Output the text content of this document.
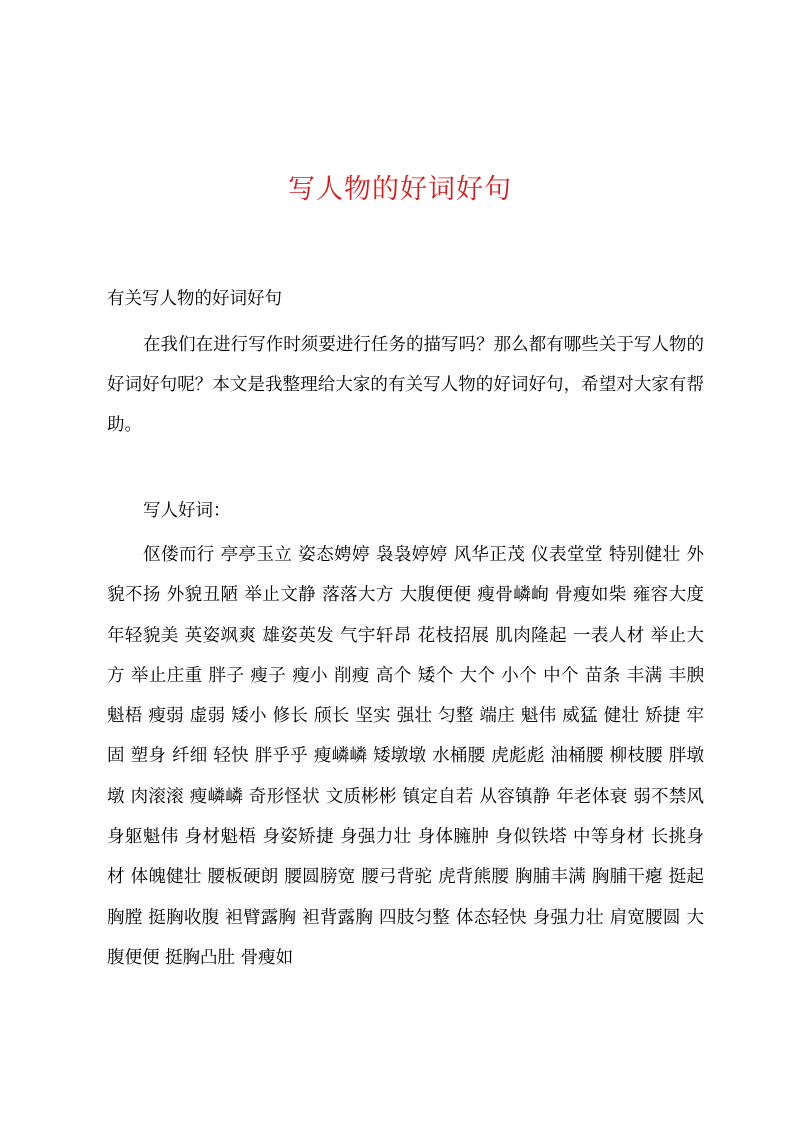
写人物的好词好句
有关写人物的好词好句
在我们在进行写作时须要进行任务的描写吗？那么都有哪些关于写人物的好词好句呢？本文是我整理给大家的有关写人物的好词好句，希望对大家有帮助。
写人好词：
伛偻而行 亭亭玉立 姿态娉婷 袅袅婷婷 风华正茂 仪表堂堂 特别健壮 外貌不扬 外貌丑陋 举止文静 落落大方 大腹便便 瘦骨嶙峋 骨瘦如柴 雍容大度 年轻貌美 英姿飒爽 雄姿英发 气宇轩昂 花枝招展 肌肉隆起 一表人材 举止大方 举止庄重 胖子 瘦子 瘦小 削瘦 高个 矮个 大个 小个 中个 苗条 丰满 丰腴 魁梧 瘦弱 虚弱 矮小 修长 颀长 坚实 强壮 匀整 端庄 魁伟 威猛 健壮 矫捷 牢固 塑身 纤细 轻快 胖乎乎 瘦嶙嶙 矮墩墩 水桶腰 虎彪彪 油桶腰 柳枝腰 胖墩墩 肉滚滚 瘦嶙嶙 奇形怪状 文质彬彬 镇定自若 从容镇静 年老体衰 弱不禁风 身躯魁伟 身材魁梧 身姿矫捷 身强力壮 身体臃肿 身似铁塔 中等身材 长挑身材 体魄健壮 腰板硬朗 腰圆膀宽 腰弓背驼 虎背熊腰 胸脯丰满 胸脯干瘪 挺起胸膛 挺胸收腹 袒臂露胸 袒背露胸 四肢匀整 体态轻快 身强力壮 肩宽腰圆 大腹便便 挺胸凸肚 骨瘦如
